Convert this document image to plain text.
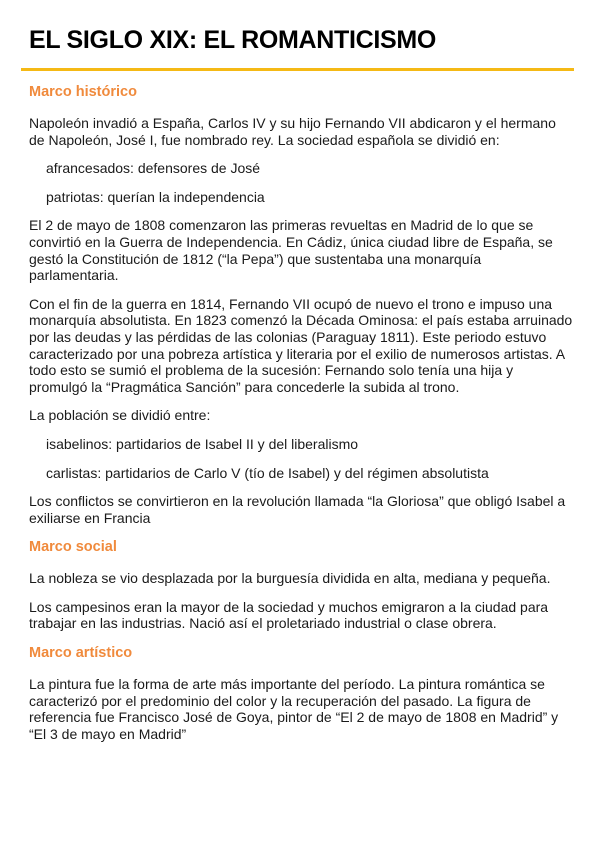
EL SIGLO XIX: EL ROMANTICISMO
Marco histórico

Napoleón invadió a España, Carlos IV y su hijo Fernando VII abdicaron y el hermano de Napoleón, José I, fue nombrado rey. La sociedad española se dividió en:

afrancesados: defensores de José

patriotas: querían la independencia

El 2 de mayo de 1808 comenzaron las primeras revueltas en Madrid de lo que se convirtió en la Guerra de Independencia. En Cádiz, única ciudad libre de España, se gestó la Constitución de 1812 (“la Pepa”) que sustentaba una monarquía parlamentaria.

Con el fin de la guerra en 1814, Fernando VII ocupó de nuevo el trono e impuso una monarquía absolutista. En 1823 comenzó la Década Ominosa: el país estaba arruinado por las deudas y las pérdidas de las colonias (Paraguay 1811). Este periodo estuvo caracterizado por una pobreza artística y literaria por el exilio de numerosos artistas. A todo esto se sumió el problema de la sucesión: Fernando solo tenía una hija y promulgó la “Pragmática Sanción” para concederle la subida al trono.

La población se dividió entre:

isabelinos: partidarios de Isabel II y del liberalismo

carlistas: partidarios de Carlo V (tío de Isabel) y del régimen absolutista

Los conflictos se convirtieron en la revolución llamada “la Gloriosa” que obligó Isabel a exiliarse en Francia

Marco social

La nobleza se vio desplazada por la burguesía dividida en alta, mediana y pequeña.

Los campesinos eran la mayor de la sociedad y muchos emigraron a la ciudad para trabajar en las industrias. Nació así el proletariado industrial o clase obrera.

Marco artístico

La pintura fue la forma de arte más importante del período. La pintura romántica se caracterizó por el predominio del color y la recuperación del pasado. La figura de referencia fue Francisco José de Goya, pintor de “El 2 de mayo de 1808 en Madrid” y “El 3 de mayo en Madrid”
